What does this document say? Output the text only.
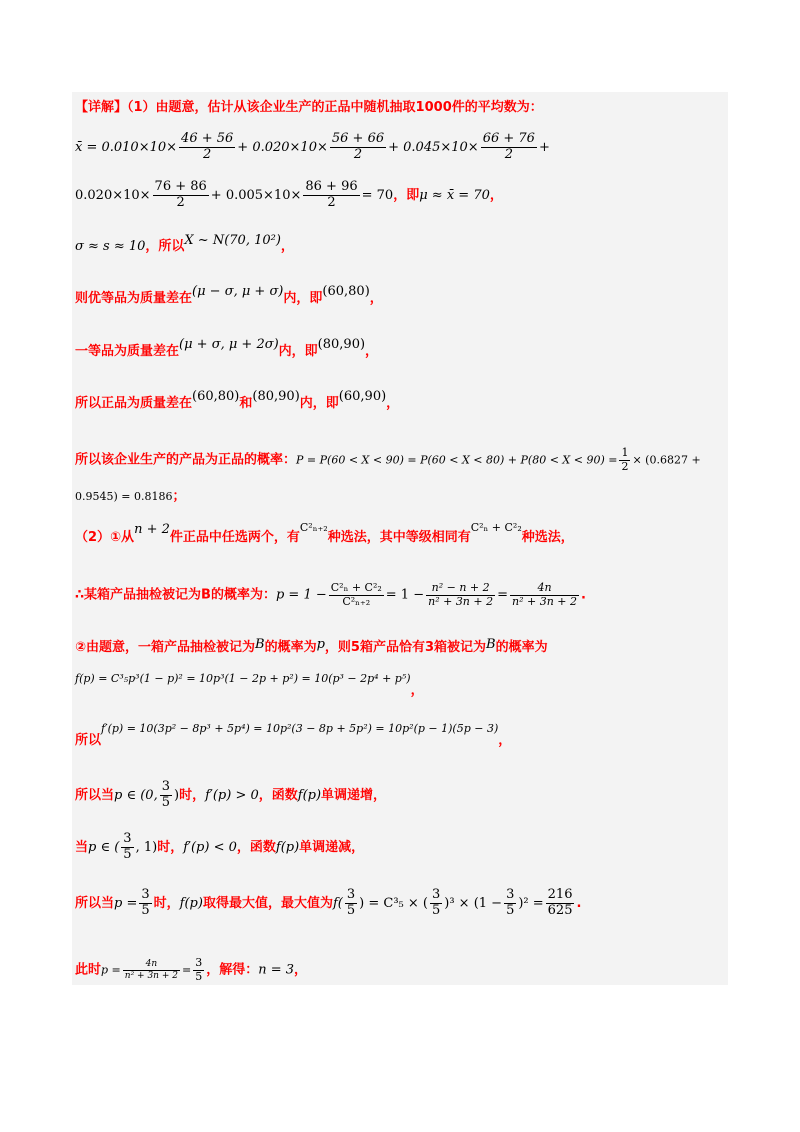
【详解】（1）由题意，估计从该企业生产的正品中随机抽取1000件的平均数为：
x̄ = $0.010\times 10\times \frac{46 + 56}{2} + 0.020\times 10\times \frac{56 + 66}{2} + 0.045\times 10\times \frac{66 + 76}{2}$ +
$0.020\times 10\times \frac{76 + 86}{2} + 0.005\times 10\times \frac{86 + 96}{2} = 70$，即μ ≈ x̄ = 70，
σ ≈ s ≈ 10，所以X ~ N(70, 10²)，
则优等品为质量差在(μ − σ, μ + σ)内，即(60,80)，
一等品为质量差在(μ + σ, μ + 2σ)内，即(80,90)，
所以正品为质量差在(60,80)和(80,90)内，即(60,90)，
所以该企业生产的产品为正品的概率：$P = P(60 < X < 90) = P(60 < X < 80) + P(80 < X < 90) = \frac{1}{2} \times (0.6827$ +
0.9545) = 0.8186；
（2）①从n + 2件正品中任选两个，有$^{C^2_{n+2}}$种选法，其中等级相同有$^{C^2_n + C^2_2}$种选法，
∴某箱产品抽检被记为B的概率为：$p = 1 - \frac{\text{C²ₙ + C²₂}}{\text{C²ₙ₊₂}} = 1 - \frac{\text{n² − n + 2}}{\text{n² + 3n + 2}} = \frac{4n}{\text{n² + 3n + 2}}$ .
②由题意，一箱产品抽检被记为B的概率为p，则5箱产品恰有3箱被记为B的概率为
f(p) = C³₅p³(1 − p)² = 10p³(1 − 2p + p²) = 10(p³ − 2p⁴ + p⁵)，
所以f′(p) = 10(3p² − 8p³ + 5p⁴) = 10p²(3 − 8p + 5p²) = 10p²(p − 1)(5p − 3)，
所以当p ∈ (0, $\frac{3}{5}$ )时，f′(p) > 0，函数f(p)单调递增，
当p ∈ ( $\frac{3}{5}$ , 1)时，f′(p) < 0，函数f(p)单调递减，
所以当$p = \frac{3}{5}$ 时，f(p)取得最大值，最大值为$f( \frac{3}{5}$ ) = C³₅ × ( $\frac{3}{5} )^3 \times (1 - \frac{3}{5} )^2 = \frac{216}{625}$ .
此时$p = \frac{4n}{\text{n² + 3n + 2}} = \frac{3}{5}$ ，解得：n = 3，
